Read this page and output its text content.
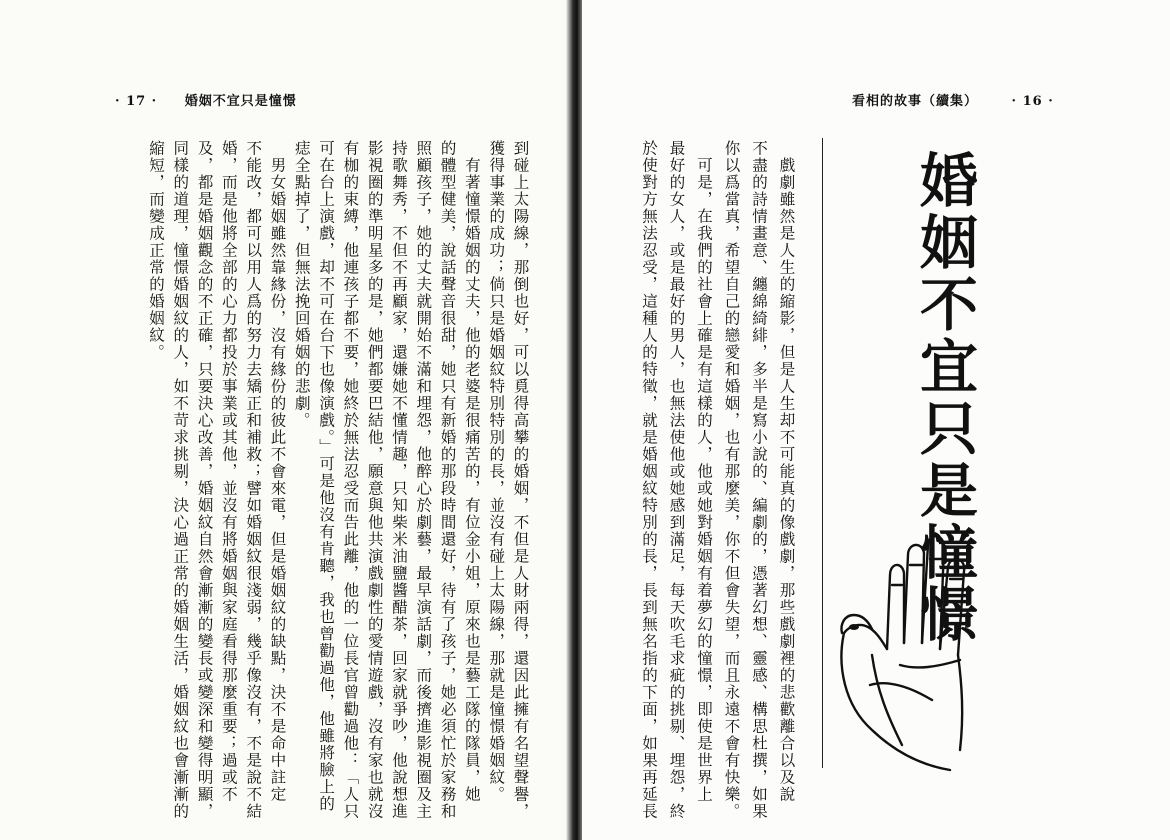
· 17 · 婚姻不宜只是憧憬
到碰上太陽線，那倒也好，可以覓得高攀的婚姻，不但是人財兩得，還因此擁有名望聲譽，
獲得事業的成功；倘只是婚姻紋特別特別的長，並沒有碰上太陽線，那就是憧憬婚姻紋。
　有著憧憬婚姻的丈夫，他的老婆是很痛苦的，有位金小姐，原來也是藝工隊的隊員，她
的體型健美，說話聲音很甜，她只有新婚的那段時間還好，待有了孩子，她必須忙於家務和
照顧孩子，她的丈夫就開始不滿和埋怨，他醉心於劇藝，最早演話劇，而後擠進影視圈及主
持歌舞秀，不但不再顧家，還嫌她不懂情趣，只知柴米油鹽醬醋茶，回家就爭吵，他說想進
影視圈的準明星多的是，她們都要巴結他，願意與他共演戲劇性的愛情遊戲，沒有家也就沒
有枷的束縛，他連孩子都不要，她終於無法忍受而告此離，他的一位長官曾勸過他：「人只
可在台上演戲，却不可在台下也像演戲。」可是他沒有肯聽，我也曾勸過他，他雖將臉上的
痣全點掉了，但無法挽回婚姻的悲劇。
　男女婚姻雖然靠緣份，沒有緣份的彼此不會來電，但是婚姻紋的缺點，決不是命中註定
不能改，都可以用人爲的努力去矯正和補救；譬如婚姻紋很淺弱，幾乎像沒有，不是說不結
婚，而是他將全部的心力都投於事業或其他，並沒有將婚姻與家庭看得那麼重要；過或不
及，都是婚姻觀念的不正確，只要決心改善，婚姻紋自然會漸漸的變長或變深和變得明顯，
同樣的道理，憧憬婚姻紋的人，如不苛求挑剔，決心過正常的婚姻生活，婚姻紋也會漸漸的
縮短，而變成正常的婚姻紋。
看相的故事（續集）	· 16 ·
　戲劇雖然是人生的縮影，但是人生却不可能真的像戲劇，那些戲劇裡的悲歡離合以及說
不盡的詩情畫意、纏綿綺緋，多半是寫小說的、編劇的，憑著幻想、靈感、構思杜撰，如果
你以爲當真，希望自己的戀愛和婚姻，也有那麼美，你不但會失望，而且永遠不會有快樂。
　可是，在我們的社會上確是有這樣的人，他或她對婚姻有着夢幻的憧憬，即使是世界上
最好的女人，或是最好的男人，也無法使他或她感到滿足，每天吹毛求疵的挑剔、埋怨，終
於使對方無法忍受，這種人的特徵，就是婚姻紋特別的長，長到無名指的下面，如果再延長	婚姻不宜只是憧憬
